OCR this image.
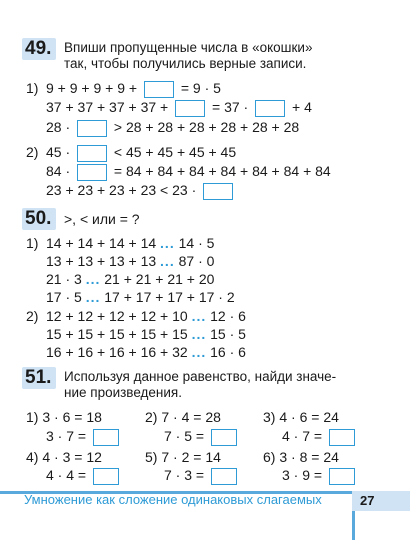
49. Впиши пропущенные числа в «окошки»
так, чтобы получились верные записи.
1) 9 + 9 + 9 + 9 +	= 9 · 5
37 + 37 + 37 + 37 +	= 37 ·	+ 4
28 ·	> 28 + 28 + 28 + 28 + 28 + 28
2) 45 ·	< 45 + 45 + 45 + 45
84 ·	= 84 + 84 + 84 + 84 + 84 + 84 + 84
23 + 23 + 23 + 23 < 23 ·
50. >, < или = ?
1) 14 + 14 + 14 + 14 ... 14 · 5
13 + 13 + 13 + 13 ... 87 · 0
21 · 3 ... 21 + 21 + 21 + 20
17 · 5 ... 17 + 17 + 17 + 17 · 2
2) 12 + 12 + 12 + 12 + 10 ... 12 · 6
15 + 15 + 15 + 15 + 15 ... 15 · 5
16 + 16 + 16 + 16 + 32 ... 16 · 6
51. Используя данное равенство, найди значе-
ние произведения.
1) 3 · 6 = 18
3 · 7 =
2) 7 · 4 = 28
7 · 5 =
3) 4 · 6 = 24
4 · 7 =
4) 4 · 3 = 12
4 · 4 =
5) 7 · 2 = 14
7 · 3 =
6) 3 · 8 = 24
3 · 9 =
Умножение как сложение одинаковых слагаемых	27
